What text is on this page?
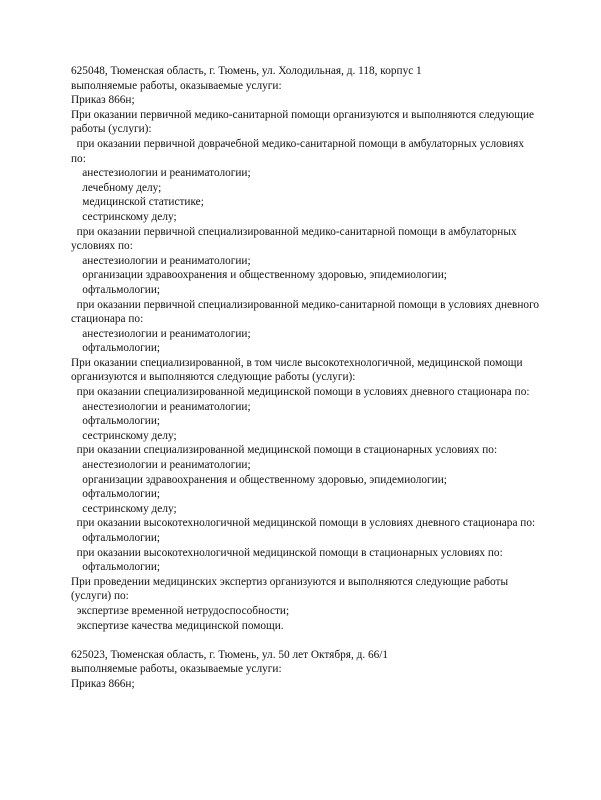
625048, Тюменская область, г. Тюмень, ул. Холодильная, д. 118, корпус 1
выполняемые работы, оказываемые услуги:
Приказ 866н;
При оказании первичной медико-санитарной помощи организуются и выполняются следующие
работы (услуги):
при оказании первичной доврачебной медико-санитарной помощи в амбулаторных условиях
по:
анестезиологии и реаниматологии;
лечебному делу;
медицинской статистике;
сестринскому делу;
при оказании первичной специализированной медико-санитарной помощи в амбулаторных
условиях по:
анестезиологии и реаниматологии;
организации здравоохранения и общественному здоровью, эпидемиологии;
офтальмологии;
при оказании первичной специализированной медико-санитарной помощи в условиях дневного
стационара по:
анестезиологии и реаниматологии;
офтальмологии;
При оказании специализированной, в том числе высокотехнологичной, медицинской помощи
организуются и выполняются следующие работы (услуги):
при оказании специализированной медицинской помощи в условиях дневного стационара по:
анестезиологии и реаниматологии;
офтальмологии;
сестринскому делу;
при оказании специализированной медицинской помощи в стационарных условиях по:
анестезиологии и реаниматологии;
организации здравоохранения и общественному здоровью, эпидемиологии;
офтальмологии;
сестринскому делу;
при оказании высокотехнологичной медицинской помощи в условиях дневного стационара по:
офтальмологии;
при оказании высокотехнологичной медицинской помощи в стационарных условиях по:
офтальмологии;
При проведении медицинских экспертиз организуются и выполняются следующие работы
(услуги) по:
экспертизе временной нетрудоспособности;
экспертизе качества медицинской помощи.
625023, Тюменская область, г. Тюмень, ул. 50 лет Октября, д. 66/1
выполняемые работы, оказываемые услуги:
Приказ 866н;
